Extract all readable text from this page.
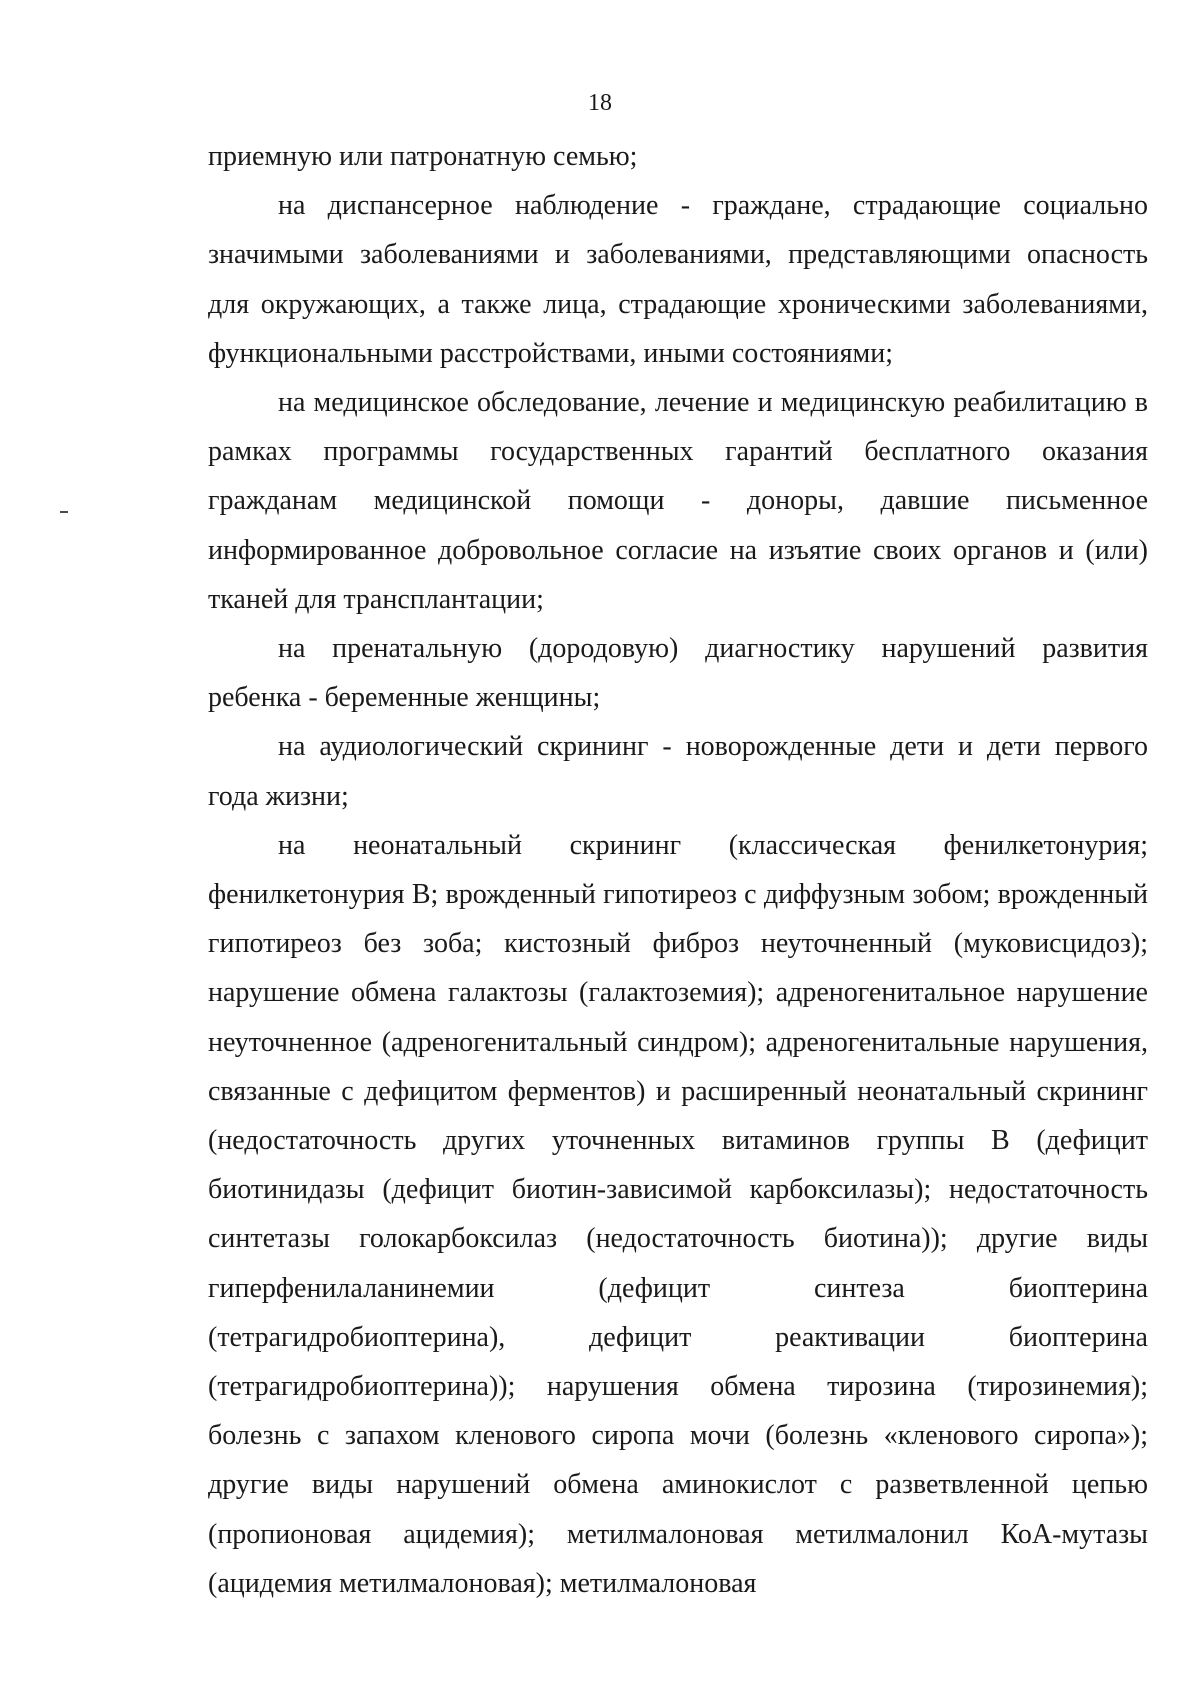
18

приемную или патронатную семью;

на диспансерное наблюдение - граждане, страдающие социально значимыми заболеваниями и заболеваниями, представляющими опасность для окружающих, а также лица, страдающие хроническими заболеваниями, функциональными расстройствами, иными состояниями;

на медицинское обследование, лечение и медицинскую реабилитацию в рамках программы государственных гарантий бесплатного оказания гражданам медицинской помощи - доноры, давшие письменное информированное добровольное согласие на изъятие своих органов и (или) тканей для трансплантации;

на пренатальную (дородовую) диагностику нарушений развития ребенка - беременные женщины;

на аудиологический скрининг - новорожденные дети и дети первого года жизни;

на неонатальный скрининг (классическая фенилкетонурия; фенилкетонурия B; врожденный гипотиреоз с диффузным зобом; врожденный гипотиреоз без зоба; кистозный фиброз неуточненный (муковисцидоз); нарушение обмена галактозы (галактоземия); адреногенитальное нарушение неуточненное (адреногенитальный синдром); адреногенитальные нарушения, связанные с дефицитом ферментов) и расширенный неонатальный скрининг (недостаточность других уточненных витаминов группы B (дефицит биотинидазы (дефицит биотин-зависимой карбоксилазы); недостаточность синтетазы голокарбоксилаз (недостаточность биотина)); другие виды гиперфенилаланинемии (дефицит синтеза биоптерина (тетрагидробиоптерина), дефицит реактивации биоптерина (тетрагидробиоптерина)); нарушения обмена тирозина (тирозинемия); болезнь с запахом кленового сиропа мочи (болезнь «кленового сиропа»); другие виды нарушений обмена аминокислот с разветвленной цепью (пропионовая ацидемия); метилмалоновая метилмалонил КоА-мутазы (ацидемия метилмалоновая); метилмалоновая
